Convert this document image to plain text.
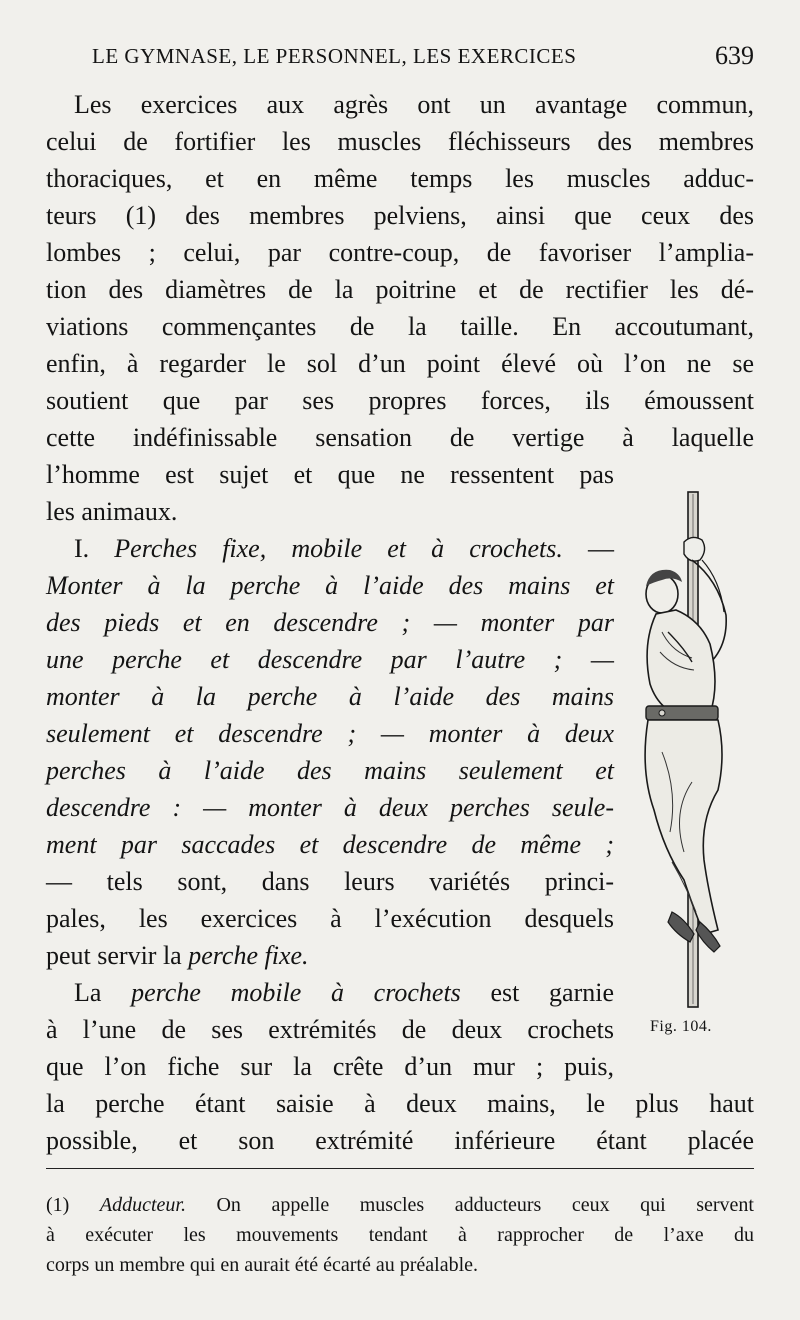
LE GYMNASE, LE PERSONNEL, LES EXERCICES	639
Les exercices aux agrès ont un avantage commun,
celui de fortifier les muscles fléchisseurs des membres
thoraciques, et en même temps les muscles adduc-
teurs (1) des membres pelviens, ainsi que ceux des
lombes ; celui, par contre-coup, de favoriser l’amplia-
tion des diamètres de la poitrine et de rectifier les dé-
viations commençantes de la taille. En accoutumant,
enfin, à regarder le sol d’un point élevé où l’on ne se
soutient que par ses propres forces, ils émoussent
cette indéfinissable sensation de vertige à laquelle
l’homme est sujet et que ne ressentent pas
les animaux.
I. Perches fixe, mobile et à crochets. —
Monter à la perche à l’aide des mains et
des pieds et en descendre ; — monter par
une perche et descendre par l’autre ; —
monter à la perche à l’aide des mains
seulement et descendre ; — monter à deux
perches à l’aide des mains seulement et
descendre : — monter à deux perches seule-
ment par saccades et descendre de même ;
— tels sont, dans leurs variétés princi-
pales, les exercices à l’exécution desquels
peut servir la perche fixe.
La perche mobile à crochets est garnie
à l’une de ses extrémités de deux crochets
que l’on fiche sur la crête d’un mur ; puis,
la perche étant saisie à deux mains, le plus haut
possible, et son extrémité inférieure étant placée
Fig. 104.
(1) Adducteur. On appelle muscles adducteurs ceux qui servent
à exécuter les mouvements tendant à rapprocher de l’axe du
corps un membre qui en aurait été écarté au préalable.
